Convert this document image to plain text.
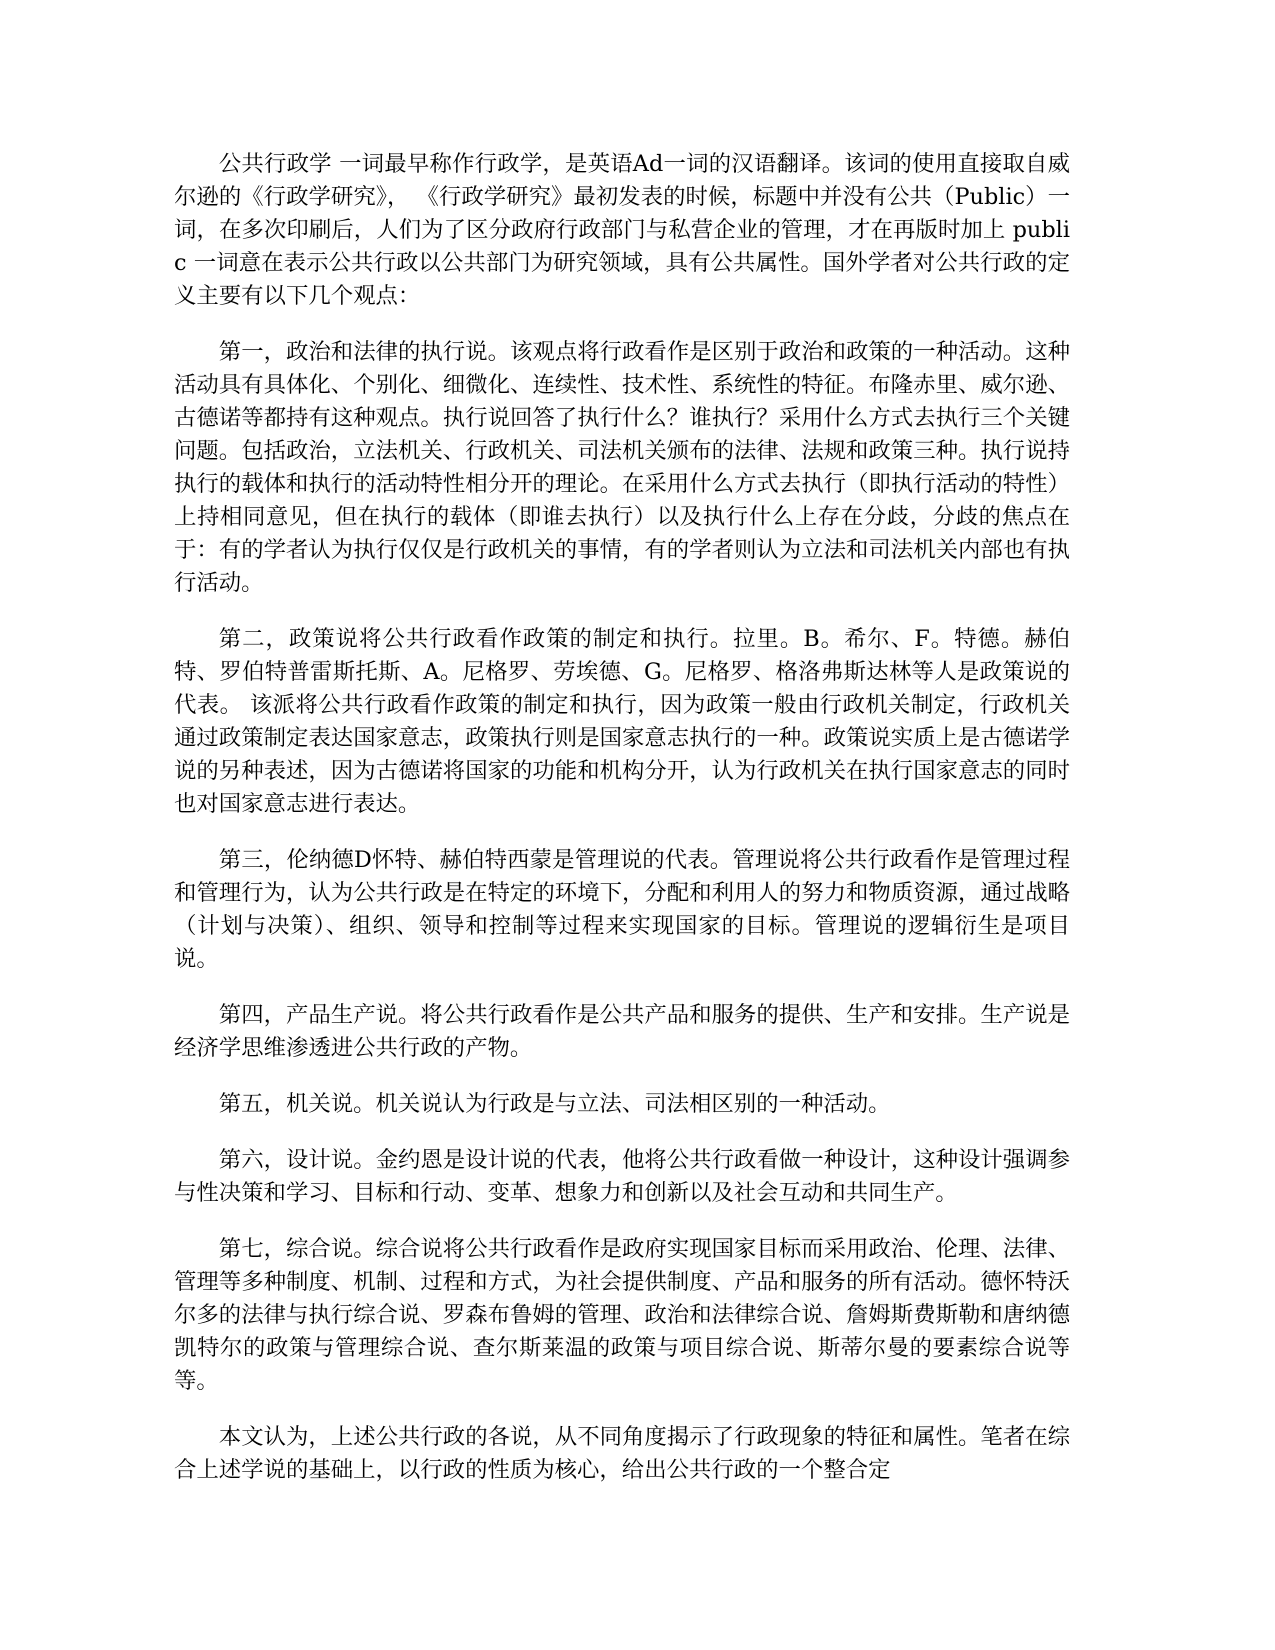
公共行政学 一词最早称作行政学，是英语Ad一词的汉语翻译。该词的使用直接取自威尔逊的《行政学研究》， 《行政学研究》最初发表的时候，标题中并没有公共（Public）一词，在多次印刷后，人们为了区分政府行政部门与私营企业的管理，才在再版时加上 public 一词意在表示公共行政以公共部门为研究领域，具有公共属性。国外学者对公共行政的定义主要有以下几个观点：

第一，政治和法律的执行说。该观点将行政看作是区别于政治和政策的一种活动。这种活动具有具体化、个别化、细微化、连续性、技术性、系统性的特征。布隆赤里、威尔逊、古德诺等都持有这种观点。执行说回答了执行什么？谁执行？采用什么方式去执行三个关键问题。包括政治，立法机关、行政机关、司法机关颁布的法律、法规和政策三种。执行说持执行的载体和执行的活动特性相分开的理论。在采用什么方式去执行（即执行活动的特性）上持相同意见，但在执行的载体（即谁去执行）以及执行什么上存在分歧，分歧的焦点在于：有的学者认为执行仅仅是行政机关的事情，有的学者则认为立法和司法机关内部也有执行活动。

第二，政策说将公共行政看作政策的制定和执行。拉里。B。希尔、F。特德。赫伯特、罗伯特普雷斯托斯、A。尼格罗、劳埃德、G。尼格罗、格洛弗斯达林等人是政策说的代表。 该派将公共行政看作政策的制定和执行，因为政策一般由行政机关制定，行政机关通过政策制定表达国家意志，政策执行则是国家意志执行的一种。政策说实质上是古德诺学说的另种表述，因为古德诺将国家的功能和机构分开，认为行政机关在执行国家意志的同时也对国家意志进行表达。

第三，伦纳德D怀特、赫伯特西蒙是管理说的代表。管理说将公共行政看作是管理过程和管理行为，认为公共行政是在特定的环境下，分配和利用人的努力和物质资源，通过战略（计划与决策）、组织、领导和控制等过程来实现国家的目标。管理说的逻辑衍生是项目说。

第四，产品生产说。将公共行政看作是公共产品和服务的提供、生产和安排。生产说是经济学思维渗透进公共行政的产物。

第五，机关说。机关说认为行政是与立法、司法相区别的一种活动。

第六，设计说。金约恩是设计说的代表，他将公共行政看做一种设计，这种设计强调参与性决策和学习、目标和行动、变革、想象力和创新以及社会互动和共同生产。

第七，综合说。综合说将公共行政看作是政府实现国家目标而采用政治、伦理、法律、管理等多种制度、机制、过程和方式，为社会提供制度、产品和服务的所有活动。德怀特沃尔多的法律与执行综合说、罗森布鲁姆的管理、政治和法律综合说、詹姆斯费斯勒和唐纳德凯特尔的政策与管理综合说、查尔斯莱温的政策与项目综合说、斯蒂尔曼的要素综合说等等。

本文认为，上述公共行政的各说，从不同角度揭示了行政现象的特征和属性。笔者在综合上述学说的基础上，以行政的性质为核心，给出公共行政的一个整合定
